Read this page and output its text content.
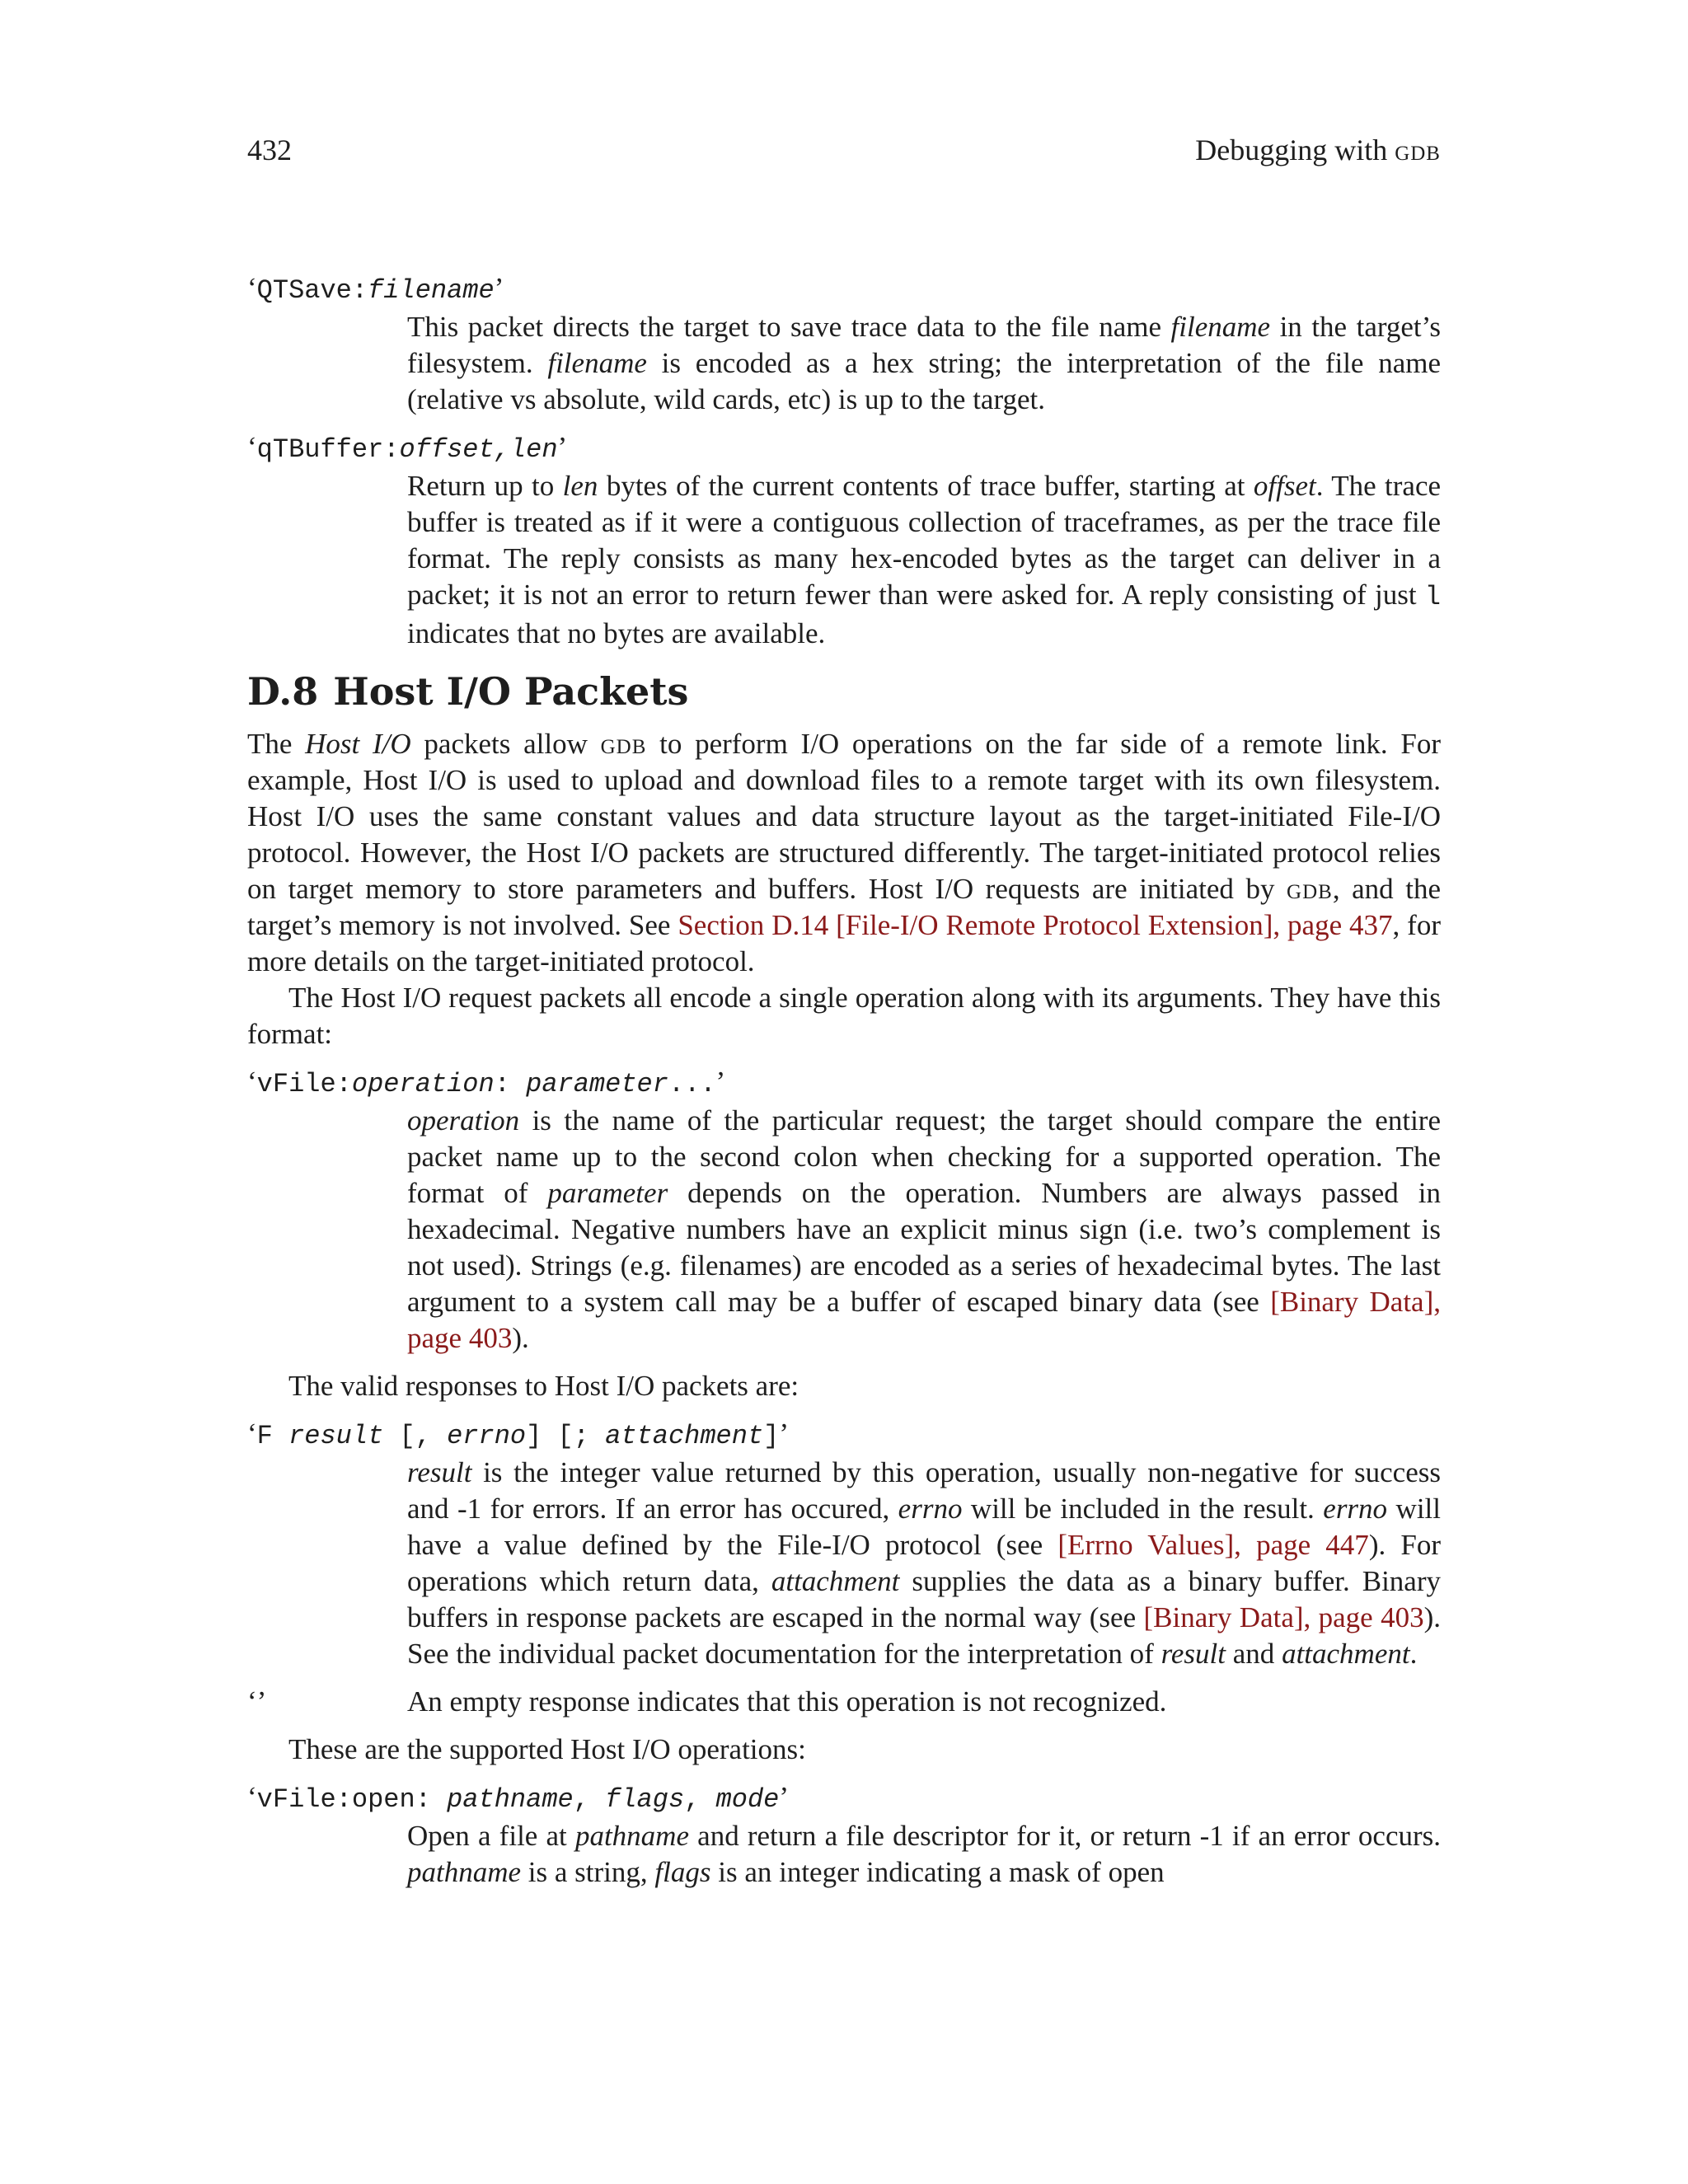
432	Debugging with gdb
‘QTSave:filename’
This packet directs the target to save trace data to the file name filename in the target’s filesystem. filename is encoded as a hex string; the interpretation of the file name (relative vs absolute, wild cards, etc) is up to the target.
‘qTBuffer:offset,len’
Return up to len bytes of the current contents of trace buffer, starting at offset. The trace buffer is treated as if it were a contiguous collection of traceframes, as per the trace file format. The reply consists as many hex-encoded bytes as the target can deliver in a packet; it is not an error to return fewer than were asked for. A reply consisting of just l indicates that no bytes are available.
D.8 Host I/O Packets

The Host I/O packets allow gdb to perform I/O operations on the far side of a remote link. For example, Host I/O is used to upload and download files to a remote target with its own filesystem. Host I/O uses the same constant values and data structure layout as the target-initiated File-I/O protocol. However, the Host I/O packets are structured differently. The target-initiated protocol relies on target memory to store parameters and buffers. Host I/O requests are initiated by gdb, and the target’s memory is not involved. See Section D.14 [File-I/O Remote Protocol Extension], page 437, for more details on the target-initiated protocol.

The Host I/O request packets all encode a single operation along with its arguments. They have this format:

‘vFile:operation: parameter...’
operation is the name of the particular request; the target should compare the entire packet name up to the second colon when checking for a supported operation. The format of parameter depends on the operation. Numbers are always passed in hexadecimal. Negative numbers have an explicit minus sign (i.e. two’s complement is not used). Strings (e.g. filenames) are encoded as a series of hexadecimal bytes. The last argument to a system call may be a buffer of escaped binary data (see [Binary Data], page 403).

The valid responses to Host I/O packets are:

‘F result [, errno] [; attachment]’
result is the integer value returned by this operation, usually non-negative for success and -1 for errors. If an error has occured, errno will be included in the result. errno will have a value defined by the File-I/O protocol (see [Errno Values], page 447). For operations which return data, attachment supplies the data as a binary buffer. Binary buffers in response packets are escaped in the normal way (see [Binary Data], page 403). See the individual packet documentation for the interpretation of result and attachment.
‘’	An empty response indicates that this operation is not recognized.

These are the supported Host I/O operations:

‘vFile:open: pathname, flags, mode’
Open a file at pathname and return a file descriptor for it, or return -1 if an error occurs. pathname is a string, flags is an integer indicating a mask of open
